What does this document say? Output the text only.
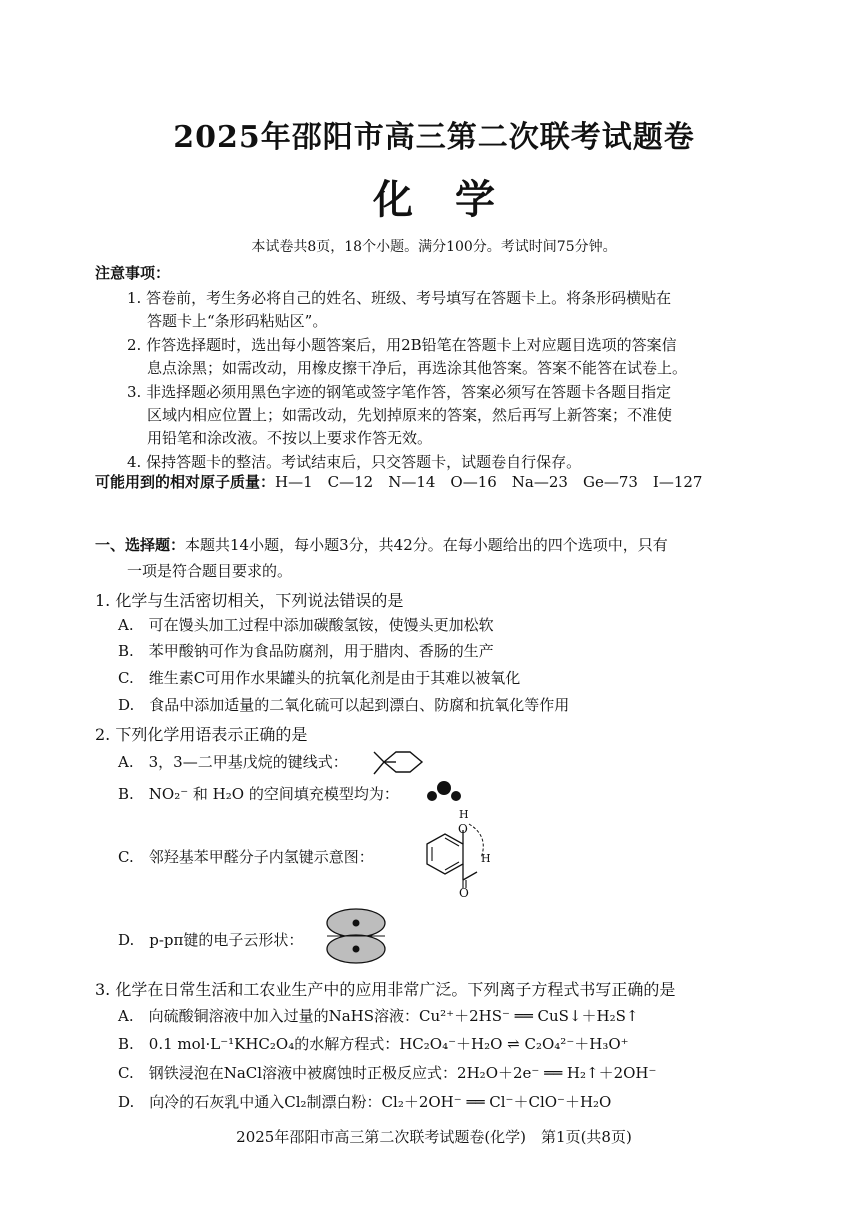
2025年邵阳市高三第二次联考试题卷
化学
本试卷共8页，18个小题。满分100分。考试时间75分钟。
注意事项：
1. 答卷前，考生务必将自己的姓名、班级、考号填写在答题卡上。将条形码横贴在
答题卡上“条形码粘贴区”。
2. 作答选择题时，选出每小题答案后，用2B铅笔在答题卡上对应题目选项的答案信
息点涂黑；如需改动，用橡皮擦干净后，再选涂其他答案。答案不能答在试卷上。
3. 非选择题必须用黑色字迹的钢笔或签字笔作答，答案必须写在答题卡各题目指定
区域内相应位置上；如需改动，先划掉原来的答案，然后再写上新答案；不准使
用铅笔和涂改液。不按以上要求作答无效。
4. 保持答题卡的整洁。考试结束后，只交答题卡，试题卷自行保存。
可能用到的相对原子质量：H—1　C—12　N—14　O—16　Na—23　Ge—73　I—127
一、选择题：本题共14小题，每小题3分，共42分。在每小题给出的四个选项中，只有
一项是符合题目要求的。
1. 化学与生活密切相关，下列说法错误的是
A.　可在馒头加工过程中添加碳酸氢铵，使馒头更加松软
B.　苯甲酸钠可作为食品防腐剂，用于腊肉、香肠的生产
C.　维生素C可用作水果罐头的抗氧化剂是由于其难以被氧化
D.　食品中添加适量的二氧化硫可以起到漂白、防腐和抗氧化等作用
2. 下列化学用语表示正确的是
A.　3，3—二甲基戊烷的键线式：
B.　NO₂⁻ 和 H₂O 的空间填充模型均为：
C.　邻羟基苯甲醛分子内氢键示意图：
H
O
H
O
D.　p-pπ键的电子云形状：
3. 化学在日常生活和工农业生产中的应用非常广泛。下列离子方程式书写正确的是
A.　向硫酸铜溶液中加入过量的NaHS溶液：Cu²⁺＋2HS⁻ ══ CuS↓＋H₂S↑
B.　0.1 mol·L⁻¹KHC₂O₄的水解方程式：HC₂O₄⁻＋H₂O ⇌ C₂O₄²⁻＋H₃O⁺
C.　钢铁浸泡在NaCl溶液中被腐蚀时正极反应式：2H₂O＋2e⁻ ══ H₂↑＋2OH⁻
D.　向冷的石灰乳中通入Cl₂制漂白粉：Cl₂＋2OH⁻ ══ Cl⁻＋ClO⁻＋H₂O
2025年邵阳市高三第二次联考试题卷(化学)　第1页(共8页)
